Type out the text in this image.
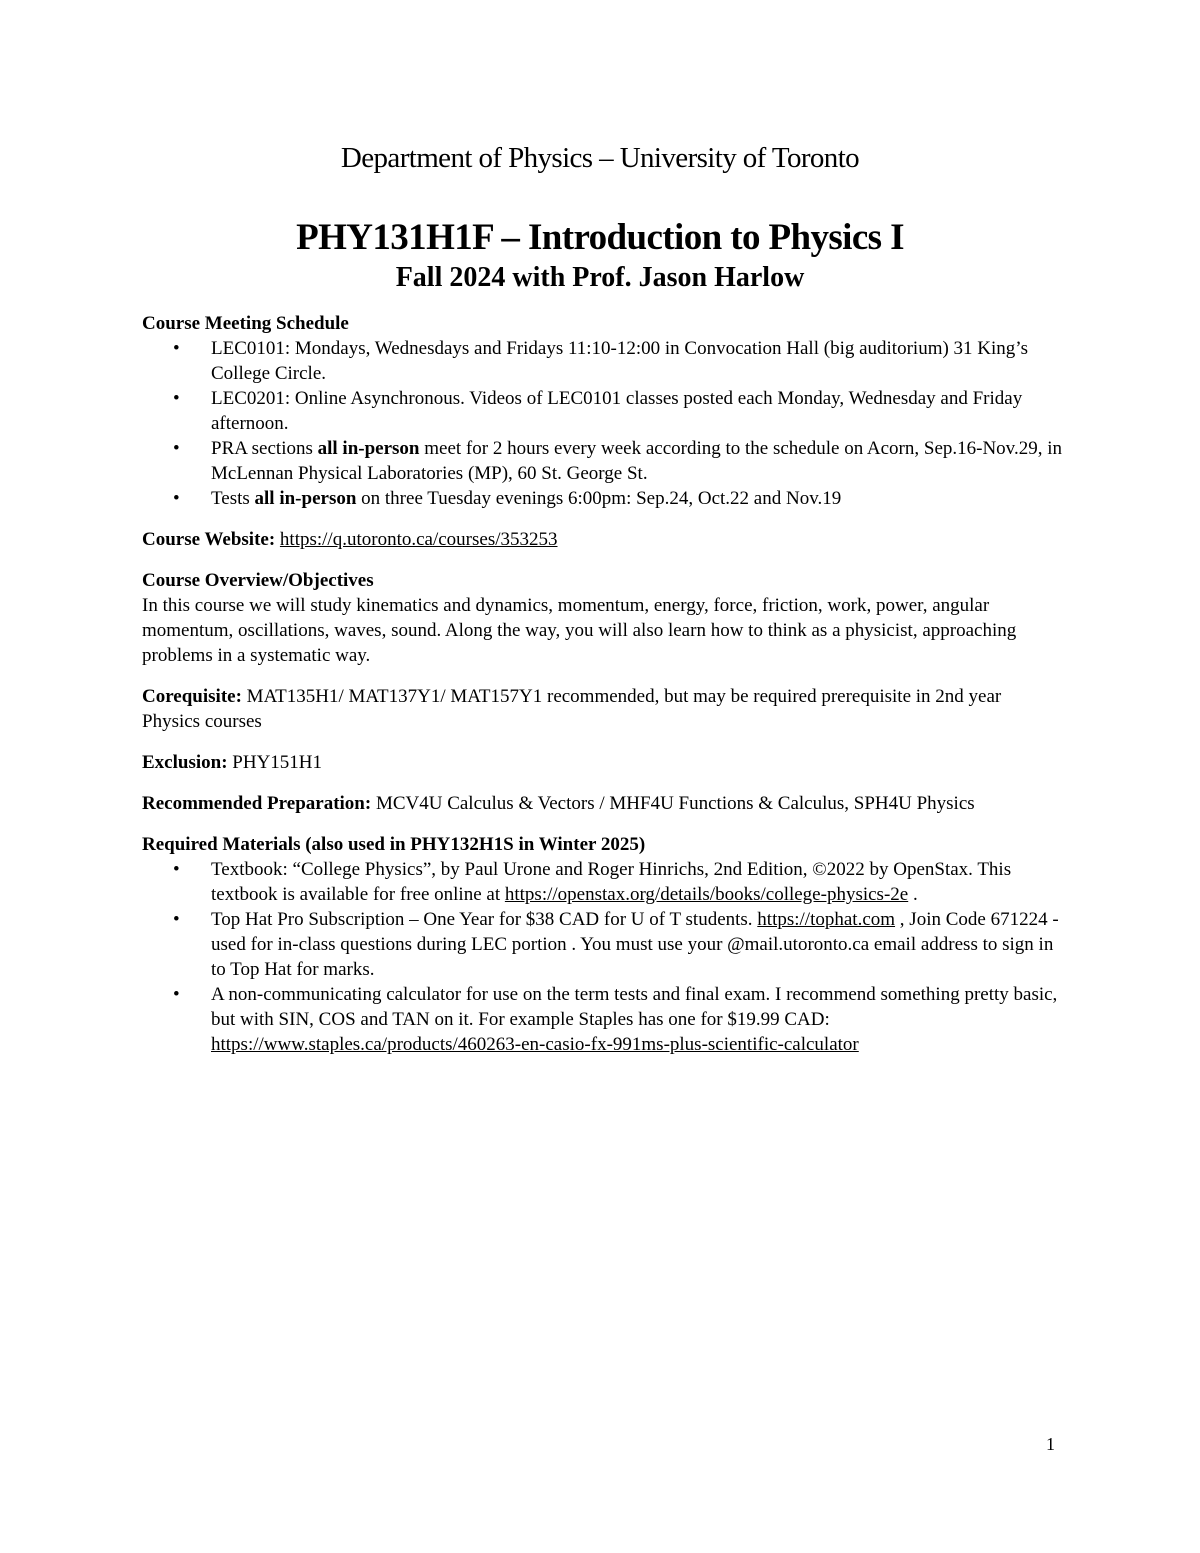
Department of Physics – University of Toronto
PHY131H1F – Introduction to Physics I
Fall 2024 with Prof. Jason Harlow

Course Meeting Schedule

• LEC0101: Mondays, Wednesdays and Fridays 11:10-12:00 in Convocation Hall (big auditorium) 31 King’s College Circle.
• LEC0201: Online Asynchronous. Videos of LEC0101 classes posted each Monday, Wednesday and Friday afternoon.
• PRA sections all in-person meet for 2 hours every week according to the schedule on Acorn, Sep.16-Nov.29, in McLennan Physical Laboratories (MP), 60 St. George St.
• Tests all in-person on three Tuesday evenings 6:00pm: Sep.24, Oct.22 and Nov.19

Course Website: https://q.utoronto.ca/courses/353253

Course Overview/Objectives

In this course we will study kinematics and dynamics, momentum, energy, force, friction, work, power, angular momentum, oscillations, waves, sound. Along the way, you will also learn how to think as a physicist, approaching problems in a systematic way.

Corequisite: MAT135H1/ MAT137Y1/ MAT157Y1 recommended, but may be required prerequisite in 2nd year Physics courses

Exclusion: PHY151H1

Recommended Preparation: MCV4U Calculus & Vectors / MHF4U Functions & Calculus, SPH4U Physics

Required Materials (also used in PHY132H1S in Winter 2025)

• Textbook: “College Physics”, by Paul Urone and Roger Hinrichs, 2nd Edition, ©2022 by OpenStax. This textbook is available for free online at https://openstax.org/details/books/college-physics-2e .
• Top Hat Pro Subscription – One Year for $38 CAD for U of T students. https://tophat.com , Join Code 671224 - used for in-class questions during LEC portion . You must use your @mail.utoronto.ca email address to sign in to Top Hat for marks.
• A non-communicating calculator for use on the term tests and final exam. I recommend something pretty basic, but with SIN, COS and TAN on it. For example Staples has one for $19.99 CAD: https://www.staples.ca/products/460263-en-casio-fx-991ms-plus-scientific-calculator
1
